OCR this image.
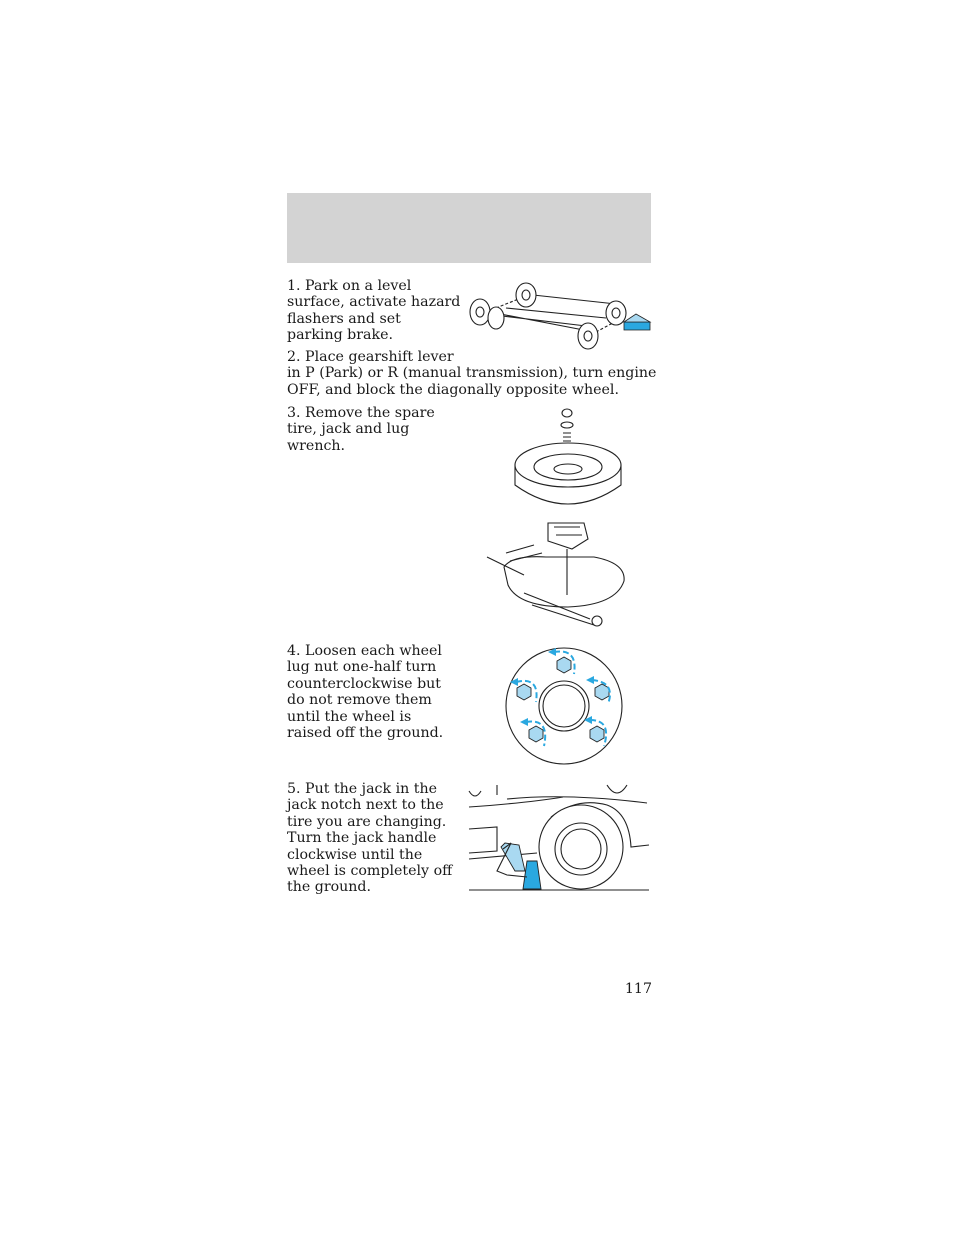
1. Park on a level
surface, activate hazard
flashers and set
parking brake.
2. Place gearshift lever
in P (Park) or R (manual transmission), turn engine
OFF, and block the diagonally opposite wheel.
3. Remove the spare
tire, jack and lug
wrench.
4. Loosen each wheel
lug nut one-half turn
counterclockwise but
do not remove them
until the wheel is
raised off the ground.
5. Put the jack in the
jack notch next to the
tire you are changing.
Turn the jack handle
clockwise until the
wheel is completely off
the ground.
117
